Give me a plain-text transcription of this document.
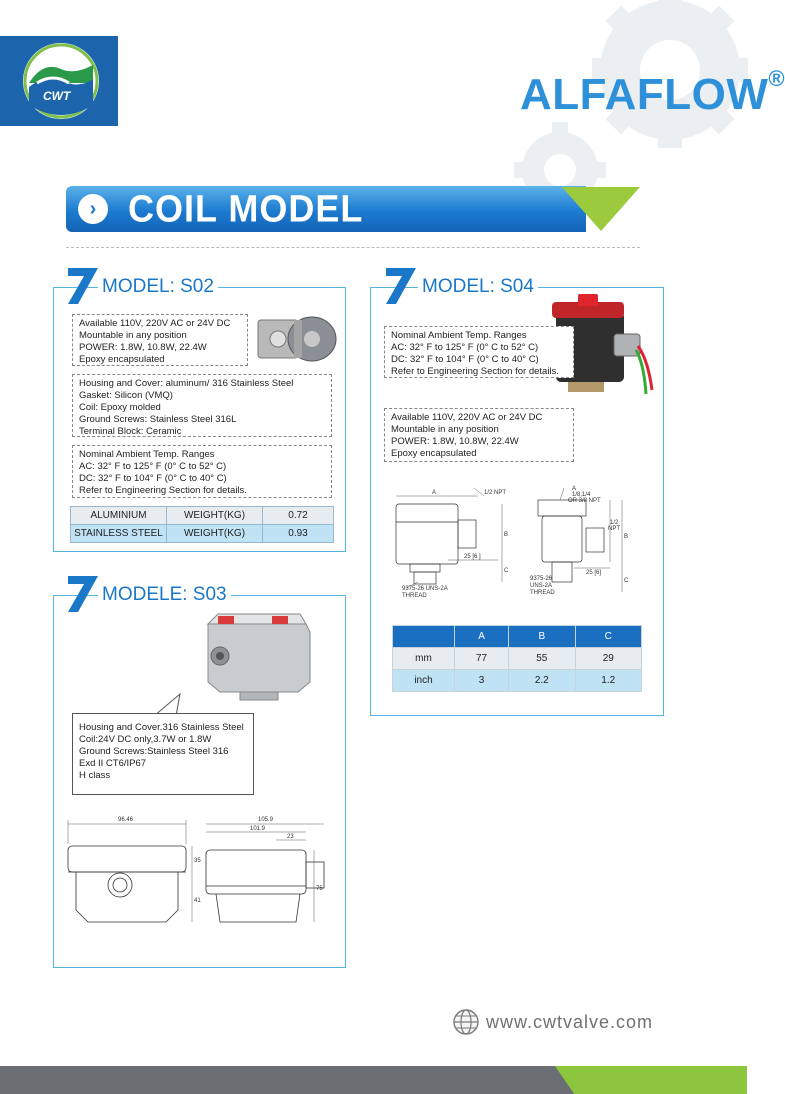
CWT	ALFAFLOW®
› COIL MODEL
MODEL: S02
Available 110V, 220V AC or 24V DC
Mountable in any position
POWER: 1.8W, 10.8W, 22.4W
Epoxy encapsulated
Housing and Cover: aluminum/ 316 Stainless Steel
Gasket: Silicon (VMQ)
Coil: Epoxy molded
Ground Screws: Stainless Steel 316L
Terminal Block: Ceramic
Nominal Ambient Temp. Ranges
AC: 32° F to 125° F (0° C to 52° C)
DC: 32° F to 104° F (0° C to 40° C)
Refer to Engineering Section for details.
ALUMINIUM	WEIGHT(KG)	0.72
STAINLESS STEEL	WEIGHT(KG)	0.93
MODELE: S03
Housing and Cover.316 Stainless Steel
Coil:24V DC only,3.7W or 1.8W
Ground Screws:Stainless Steel 316
Exd II CT6/IP67
H class
96.46	105.9
101.9
23
35
75
41
MODEL: S04
Nominal Ambient Temp. Ranges
AC: 32° F to 125° F (0° C to 52° C)
DC: 32° F to 104° F (0° C to 40° C)
Refer to Engineering Section for details.
Available 110V, 220V AC or 24V DC
Mountable in any position
POWER: 1.8W, 10.8W, 22.4W
Epoxy encapsulated
A	1/2 NPT
B
C
25 [6 ]
9375-26 UNS-2A
THREAD
A
1/8,1/4
OR 3/8 NPT
1/2
NPT
B
C
25 [6]
9375-26
UNS-2A
THREAD
	A	B	C
mm	77	55	29
inch	3	2.2	1.2
www.cwtvalve.com
